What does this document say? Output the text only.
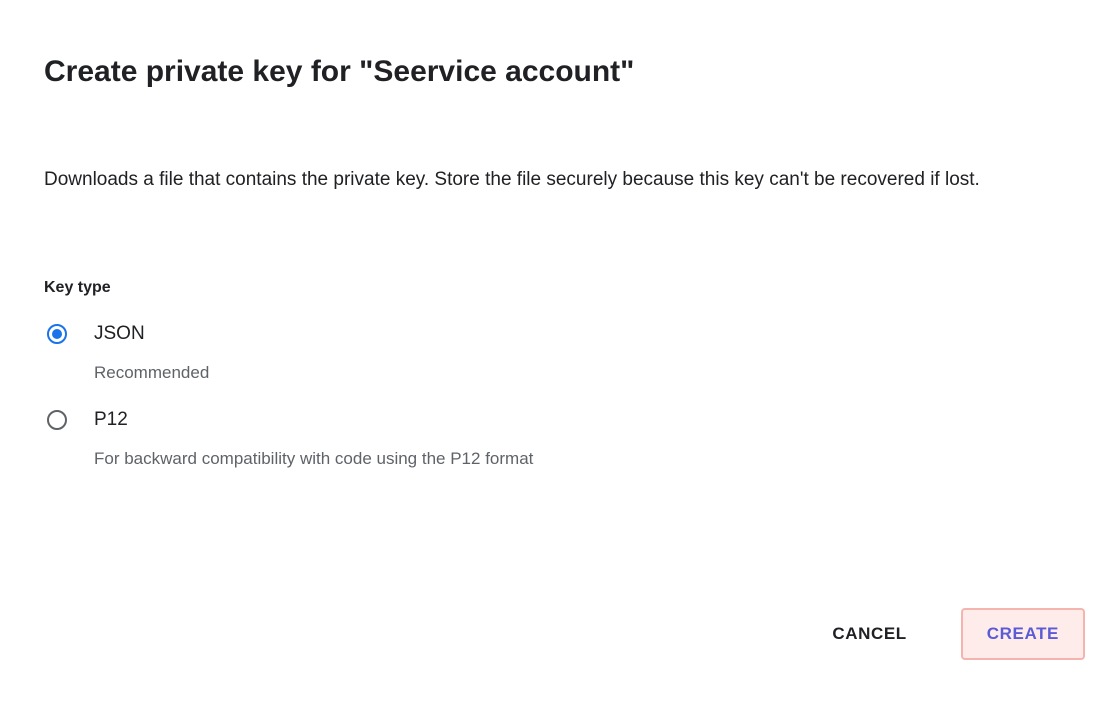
Create private key for "Seervice account"
Downloads a file that contains the private key. Store the file securely because this key can't be recovered if lost.
Key type
JSON
Recommended
P12
For backward compatibility with code using the P12 format
CANCEL	CREATE
